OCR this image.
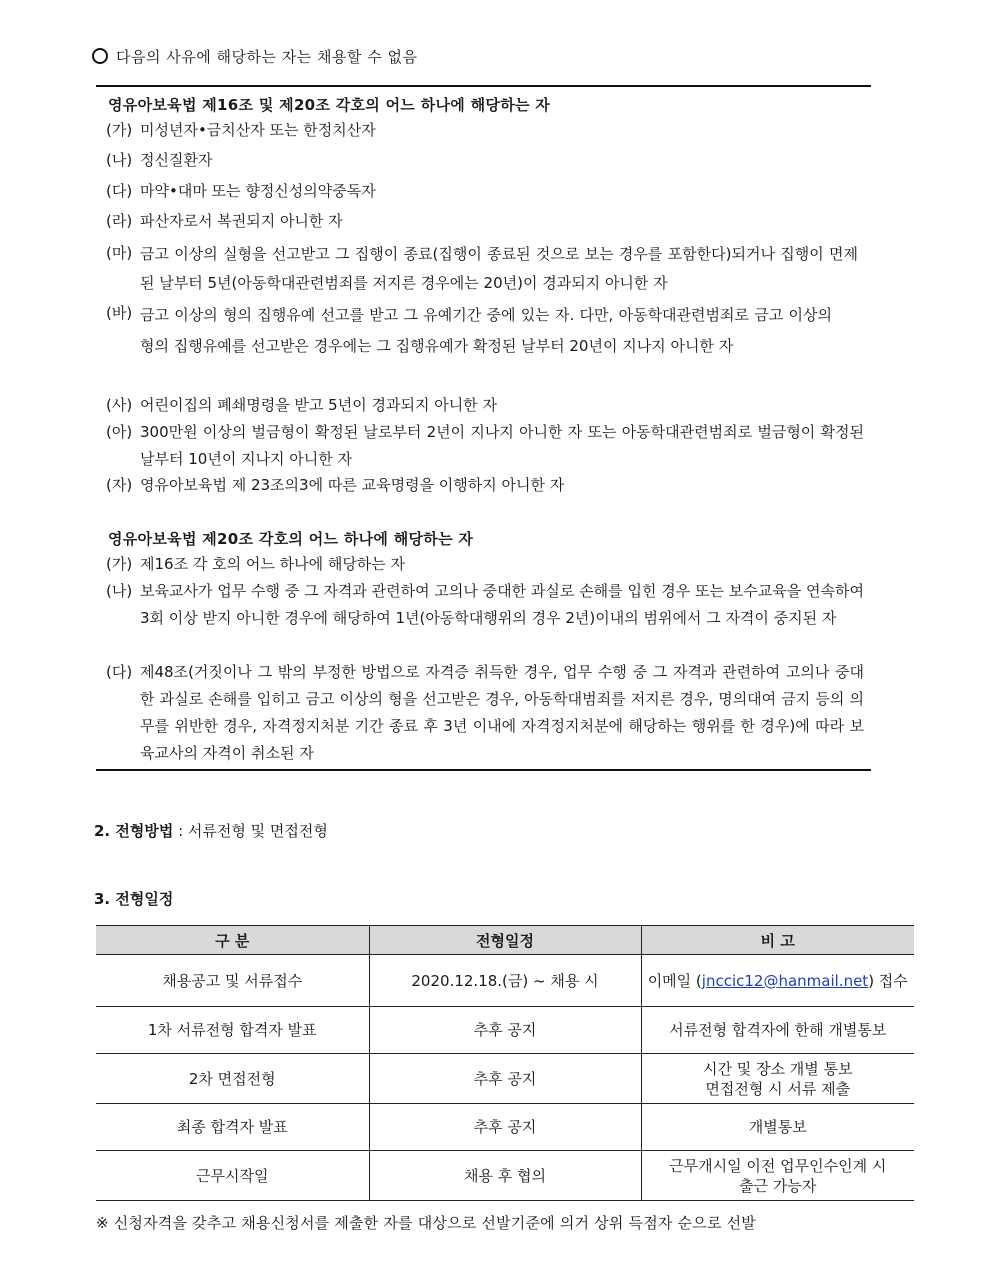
다음의 사유에 해당하는 자는 채용할 수 없음
영유아보육법 제16조 및 제20조 각호의 어느 하나에 해당하는 자
(가) 미성년자•금치산자 또는 한정치산자
(나) 정신질환자
(다) 마약•대마 또는 향정신성의약중독자
(라) 파산자로서 복권되지 아니한 자
(마) 금고 이상의 실형을 선고받고 그 집행이 종료(집행이 종료된 것으로 보는 경우를 포함한다)되거나 집행이 면제된 날부터 5년(아동학대관련범죄를 저지른 경우에는 20년)이 경과되지 아니한 자
(바) 금고 이상의 형의 집행유예 선고를 받고 그 유예기간 중에 있는 자. 다만, 아동학대관련범죄로 금고 이상의 형의 집행유예를 선고받은 경우에는 그 집행유예가 확정된 날부터 20년이 지나지 아니한 자
(사) 어린이집의 폐쇄명령을 받고 5년이 경과되지 아니한 자
(아) 300만원 이상의 벌금형이 확정된 날로부터 2년이 지나지 아니한 자 또는 아동학대관련범죄로 벌금형이 확정된 날부터 10년이 지나지 아니한 자
(자) 영유아보육법 제 23조의3에 따른 교육명령을 이행하지 아니한 자
영유아보육법 제20조 각호의 어느 하나에 해당하는 자
(가) 제16조 각 호의 어느 하나에 해당하는 자
(나) 보육교사가 업무 수행 중 그 자격과 관련하여 고의나 중대한 과실로 손해를 입힌 경우 또는 보수교육을 연속하여 3회 이상 받지 아니한 경우에 해당하여 1년(아동학대행위의 경우 2년)이내의 범위에서 그 자격이 중지된 자
(다) 제48조(거짓이나 그 밖의 부정한 방법으로 자격증 취득한 경우, 업무 수행 중 그 자격과 관련하여 고의나 중대한 과실로 손해를 입히고 금고 이상의 형을 선고받은 경우, 아동학대범죄를 저지른 경우, 명의대여 금지 등의 의무를 위반한 경우, 자격정지처분 기간 종료 후 3년 이내에 자격정지처분에 해당하는 행위를 한 경우)에 따라 보육교사의 자격이 취소된 자
2. 전형방법 : 서류전형 및 면접전형
3. 전형일정
구 분	전형일정	비 고
채용공고 및 서류접수	2020.12.18.(금) ~ 채용 시	이메일 (jnccic12@hanmail.net) 접수
1차 서류전형 합격자 발표	추후 공지	서류전형 합격자에 한해 개별통보
2차 면접전형	추후 공지	시간 및 장소 개별 통보
면접전형 시 서류 제출

최종 합격자 발표	추후 공지	개별통보
근무시작일	채용 후 협의	근무개시일 이전 업무인수인계 시
출근 가능자
※ 신청자격을 갖추고 채용신청서를 제출한 자를 대상으로 선발기준에 의거 상위 득점자 순으로 선발
